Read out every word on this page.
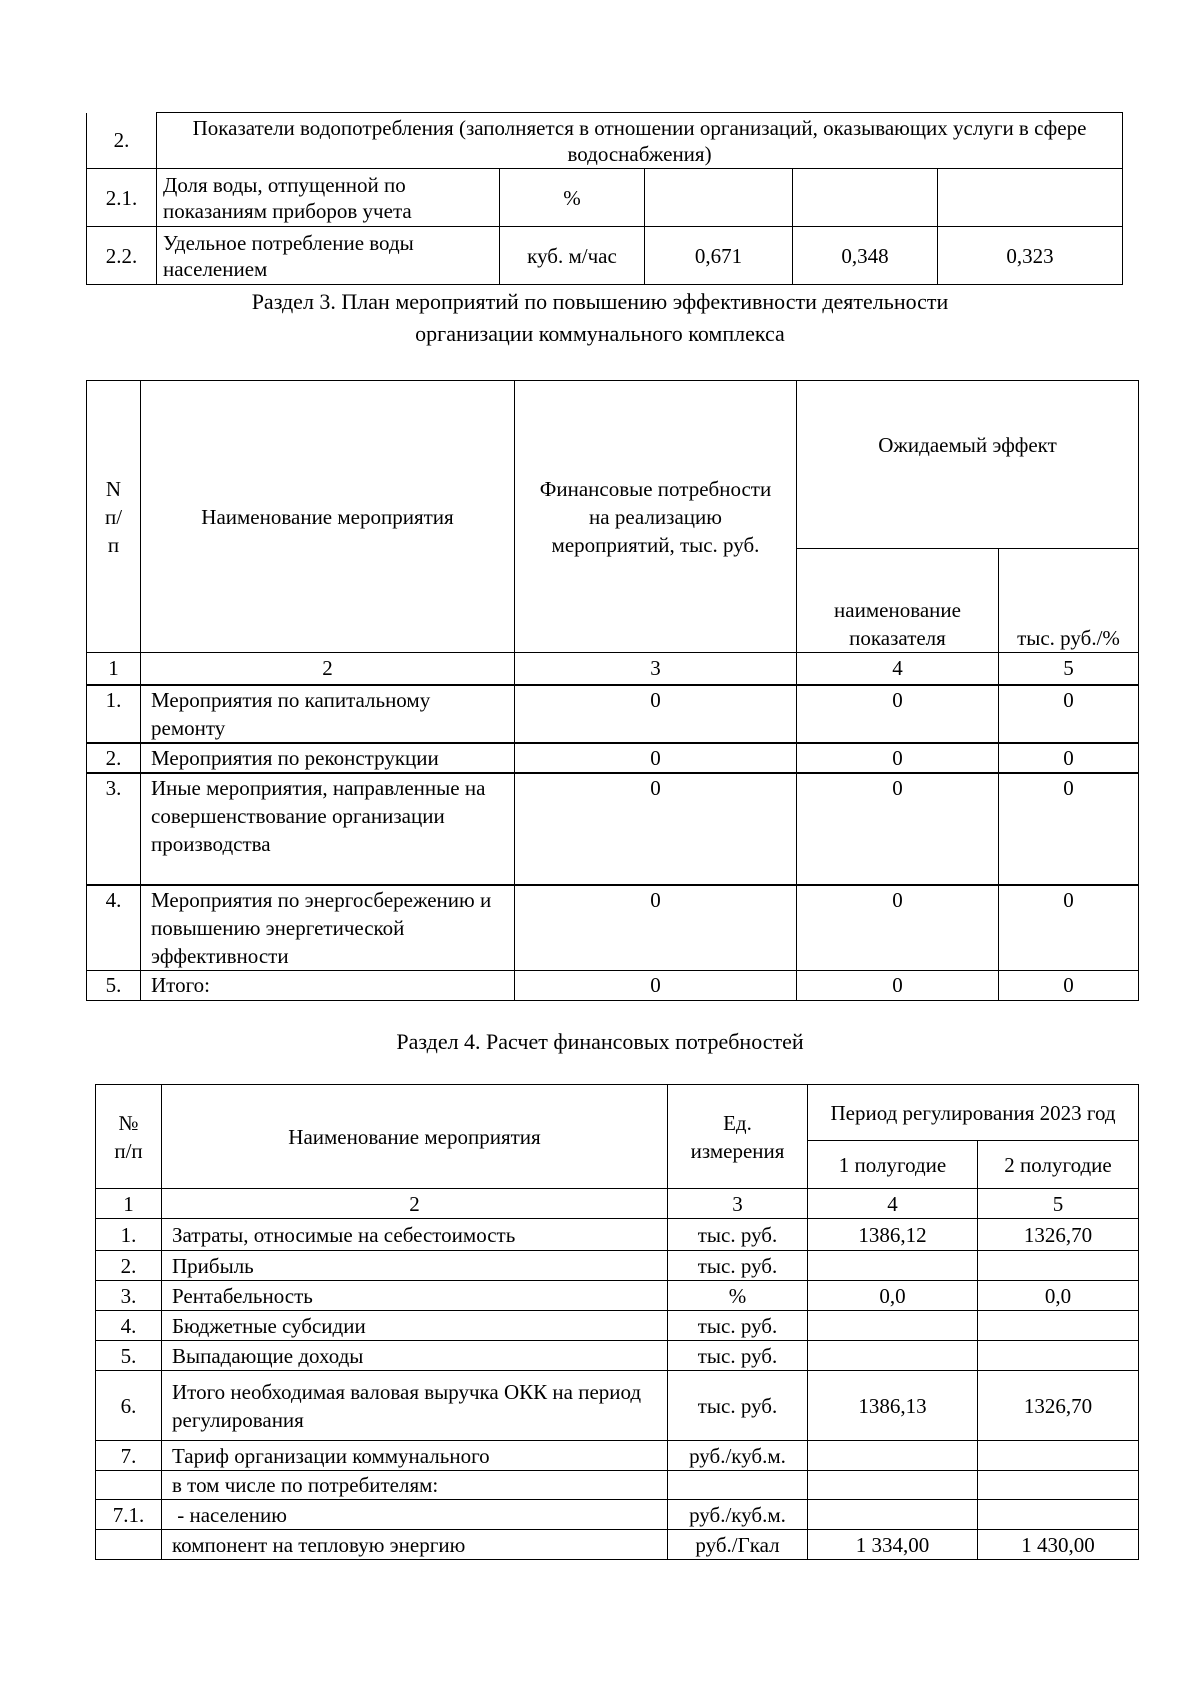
2.	Показатели водопотребления (заполняется в отношении организаций, оказывающих услуги в сфере водоснабжения)				
2.1.	Доля воды, отпущенной по показаниям приборов учета	%			
2.2.	Удельное потребление воды населением	куб. м/час	0,671	0,348	0,323
Раздел 3. План мероприятий по повышению эффективности деятельности
организации коммунального комплекса
N п/ п	Наименование мероприятия	Финансовые потребности на реализацию мероприятий, тыс. руб.	Ожидаемый эффект	
			наименование показателя	тыс. руб./%
1	2	3	4	5
1.	Мероприятия по капитальному ремонту	0	0	0
2.	Мероприятия по реконструкции	0	0	0
3.	Иные мероприятия, направленные на совершенствование организации производства	0	0	0
4.	Мероприятия по энергосбережению и повышению энергетической эффективности	0	0	0
5.	Итого:	0	0	0
Раздел 4. Расчет финансовых потребностей
№ п/п	Наименование мероприятия	Ед. измерения	Период регулирования 2023 год	
			1 полугодие	2 полугодие
1	2	3	4	5
1.	Затраты, относимые на себестоимость	тыс. руб.	1386,12	1326,70
2.	Прибыль	тыс. руб.		
3.	Рентабельность	%	0,0	0,0
4.	Бюджетные субсидии	тыс. руб.		
5.	Выпадающие доходы	тыс. руб.		
6.	Итого необходимая валовая выручка ОКК на период регулирования	тыс. руб.	1386,13	1326,70
7.	Тариф организации коммунального	руб./куб.м.		
	в том числе по потребителям:			
7.1.	- населению	руб./куб.м.		
	компонент на тепловую энергию	руб./Гкал	1 334,00	1 430,00
